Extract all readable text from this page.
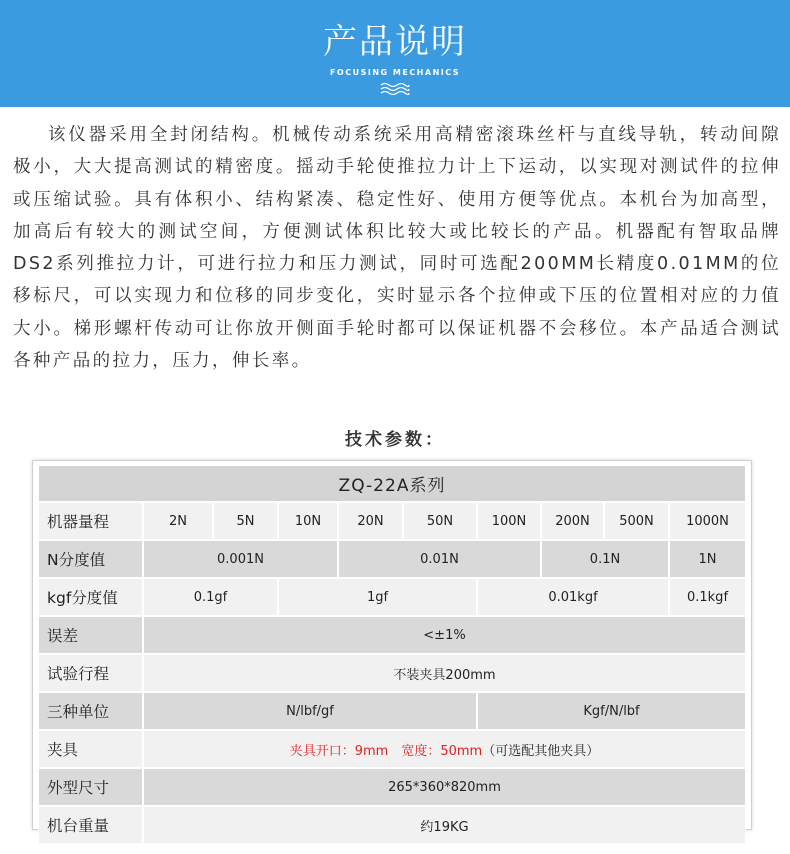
产品说明
FOCUSING MECHANICS
该仪器采用全封闭结构。机械传动系统采用高精密滚珠丝杆与直线导轨，转动间隙极小，大大提高测试的精密度。摇动手轮使推拉力计上下运动，以实现对测试件的拉伸或压缩试验。具有体积小、结构紧凑、稳定性好、使用方便等优点。本机台为加高型，加高后有较大的测试空间，方便测试体积比较大或比较长的产品。机器配有智取品牌DS2系列推拉力计，可进行拉力和压力测试，同时可选配200MM长精度0.01MM的位移标尺，可以实现力和位移的同步变化，实时显示各个拉伸或下压的位置相对应的力值大小。梯形螺杆传动可让你放开侧面手轮时都可以保证机器不会移位。本产品适合测试各种产品的拉力，压力，伸长率。
技术参数：
ZQ-22A系列									
机器量程	2N	5N	10N	20N	50N	100N	200N	500N	1000N
N分度值	0.001N			0.01N			0.1N		1N
kgf分度值	0.1gf		1gf			0.01kgf			0.1kgf
误差	<±1%								
试验行程	不装夹具200mm								
三种单位	N/lbf/gf					Kgf/N/lbf			
夹具	夹具开口：9mm　宽度：50mm（可选配其他夹具）								
外型尺寸	265*360*820mm								
机台重量	约19KG								
